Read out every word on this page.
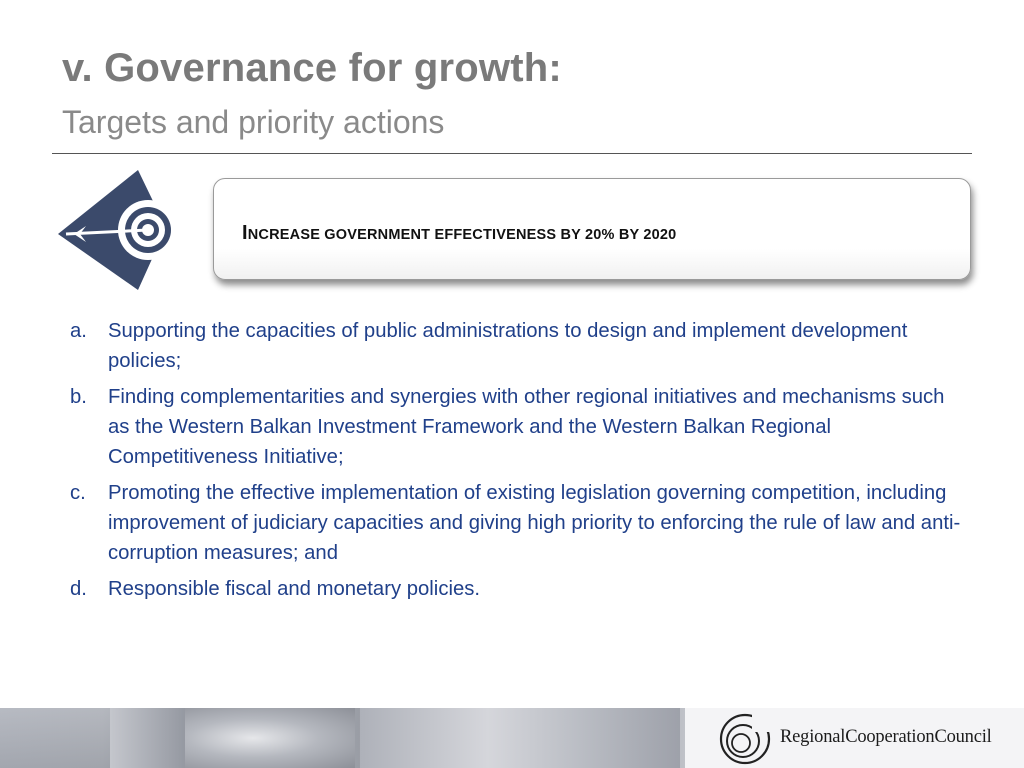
v. Governance for growth:
Targets and priority actions
INCREASE GOVERNMENT EFFECTIVENESS BY 20% BY 2020
a. Supporting the capacities of public administrations to design and implement development policies;
b. Finding complementarities and synergies with other regional initiatives and mechanisms such as the Western Balkan Investment Framework and the Western Balkan Regional Competitiveness Initiative;
c. Promoting the effective implementation of existing legislation governing competition, including improvement of judiciary capacities and giving high priority to enforcing the rule of law and anti-corruption measures; and
d. Responsible fiscal and monetary policies.
RegionalCooperationCouncil
